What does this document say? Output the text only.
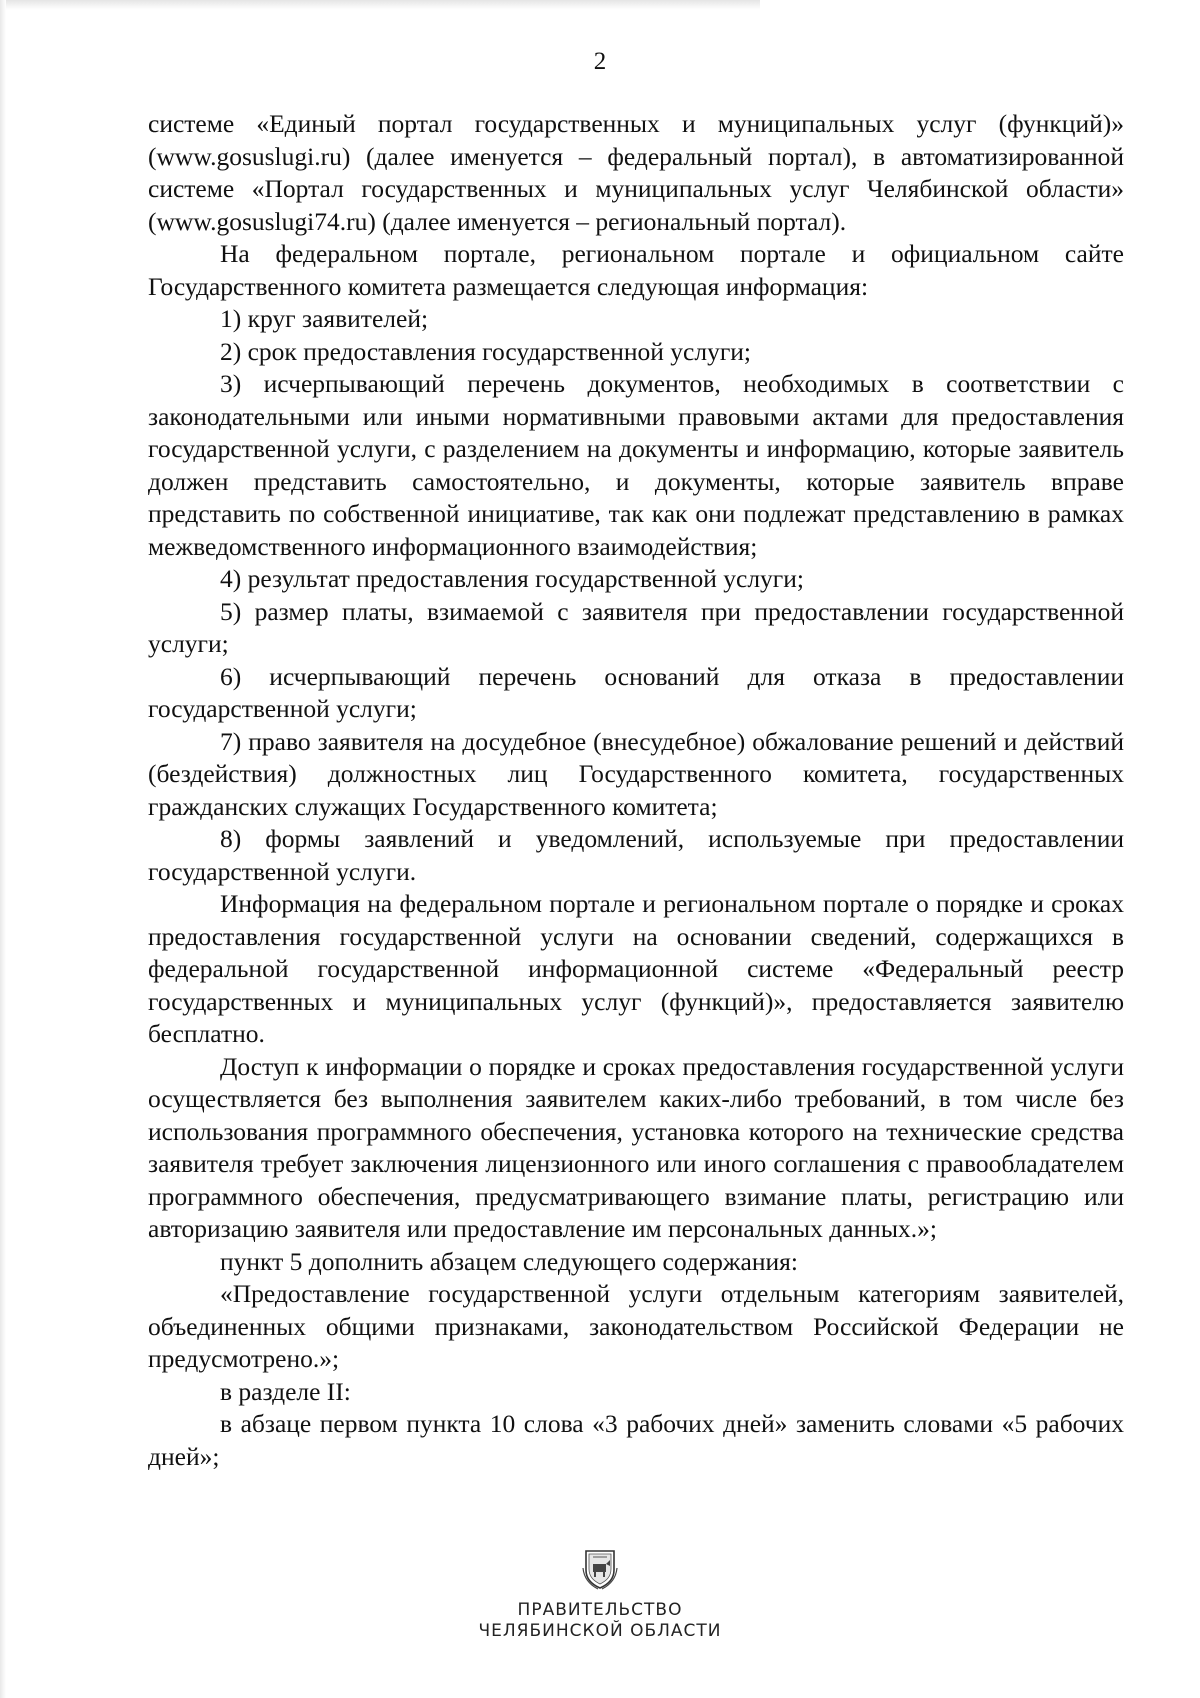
2

системе «Единый портал государственных и муниципальных услуг (функций)» (www.gosuslugi.ru) (далее именуется – федеральный портал), в автоматизированной системе «Портал государственных и муниципальных услуг Челябинской области» (www.gosuslugi74.ru) (далее именуется – региональный портал).

На федеральном портале, региональном портале и официальном сайте Государственного комитета размещается следующая информация:

1) круг заявителей;

2) срок предоставления государственной услуги;

3) исчерпывающий перечень документов, необходимых в соответствии с законодательными или иными нормативными правовыми актами для предоставления государственной услуги, с разделением на документы и информацию, которые заявитель должен представить самостоятельно, и документы, которые заявитель вправе представить по собственной инициативе, так как они подлежат представлению в рамках межведомственного информационного взаимодействия;

4) результат предоставления государственной услуги;

5) размер платы, взимаемой с заявителя при предоставлении государственной услуги;

6) исчерпывающий перечень оснований для отказа в предоставлении государственной услуги;

7) право заявителя на досудебное (внесудебное) обжалование решений и действий (бездействия) должностных лиц Государственного комитета, государственных гражданских служащих Государственного комитета;

8) формы заявлений и уведомлений, используемые при предоставлении государственной услуги.

Информация на федеральном портале и региональном портале о порядке и сроках предоставления государственной услуги на основании сведений, содержащихся в федеральной государственной информационной системе «Федеральный реестр государственных и муниципальных услуг (функций)», предоставляется заявителю бесплатно.

Доступ к информации о порядке и сроках предоставления государственной услуги осуществляется без выполнения заявителем каких-либо требований, в том числе без использования программного обеспечения, установка которого на технические средства заявителя требует заключения лицензионного или иного соглашения с правообладателем программного обеспечения, предусматривающего взимание платы, регистрацию или авторизацию заявителя или предоставление им персональных данных.»;

пункт 5 дополнить абзацем следующего содержания:

«Предоставление государственной услуги отдельным категориям заявителей, объединенных общими признаками, законодательством Российской Федерации не предусмотрено.»;

в разделе II:

в абзаце первом пункта 10 слова «3 рабочих дней» заменить словами «5 рабочих дней»;

ПРАВИТЕЛЬСТВО
ЧЕЛЯБИНСКОЙ ОБЛАСТИ
